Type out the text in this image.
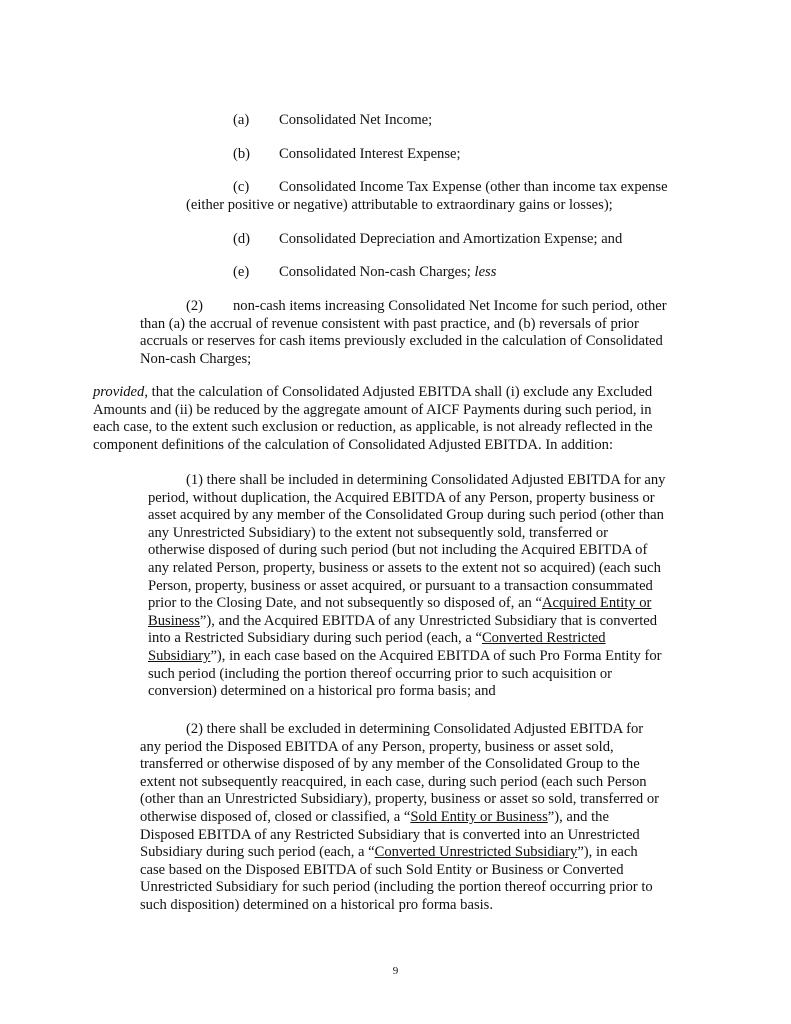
(a) Consolidated Net Income;
(b) Consolidated Interest Expense;
(c) Consolidated Income Tax Expense (other than income tax expense
(either positive or negative) attributable to extraordinary gains or losses);
(d) Consolidated Depreciation and Amortization Expense; and
(e) Consolidated Non-cash Charges; less
(2) non-cash items increasing Consolidated Net Income for such period, other
than (a) the accrual of revenue consistent with past practice, and (b) reversals of prior
accruals or reserves for cash items previously excluded in the calculation of Consolidated
Non-cash Charges;
provided, that the calculation of Consolidated Adjusted EBITDA shall (i) exclude any Excluded
Amounts and (ii) be reduced by the aggregate amount of AICF Payments during such period, in
each case, to the extent such exclusion or reduction, as applicable, is not already reflected in the
component definitions of the calculation of Consolidated Adjusted EBITDA. In addition:
(1) there shall be included in determining Consolidated Adjusted EBITDA for any
period, without duplication, the Acquired EBITDA of any Person, property business or
asset acquired by any member of the Consolidated Group during such period (other than
any Unrestricted Subsidiary) to the extent not subsequently sold, transferred or
otherwise disposed of during such period (but not including the Acquired EBITDA of
any related Person, property, business or assets to the extent not so acquired) (each such
Person, property, business or asset acquired, or pursuant to a transaction consummated
prior to the Closing Date, and not subsequently so disposed of, an “Acquired Entity or
Business”), and the Acquired EBITDA of any Unrestricted Subsidiary that is converted
into a Restricted Subsidiary during such period (each, a “Converted Restricted
Subsidiary”), in each case based on the Acquired EBITDA of such Pro Forma Entity for
such period (including the portion thereof occurring prior to such acquisition or
conversion) determined on a historical pro forma basis; and
(2) there shall be excluded in determining Consolidated Adjusted EBITDA for
any period the Disposed EBITDA of any Person, property, business or asset sold,
transferred or otherwise disposed of by any member of the Consolidated Group to the
extent not subsequently reacquired, in each case, during such period (each such Person
(other than an Unrestricted Subsidiary), property, business or asset so sold, transferred or
otherwise disposed of, closed or classified, a “Sold Entity or Business”), and the
Disposed EBITDA of any Restricted Subsidiary that is converted into an Unrestricted
Subsidiary during such period (each, a “Converted Unrestricted Subsidiary”), in each
case based on the Disposed EBITDA of such Sold Entity or Business or Converted
Unrestricted Subsidiary for such period (including the portion thereof occurring prior to
such disposition) determined on a historical pro forma basis.
9
